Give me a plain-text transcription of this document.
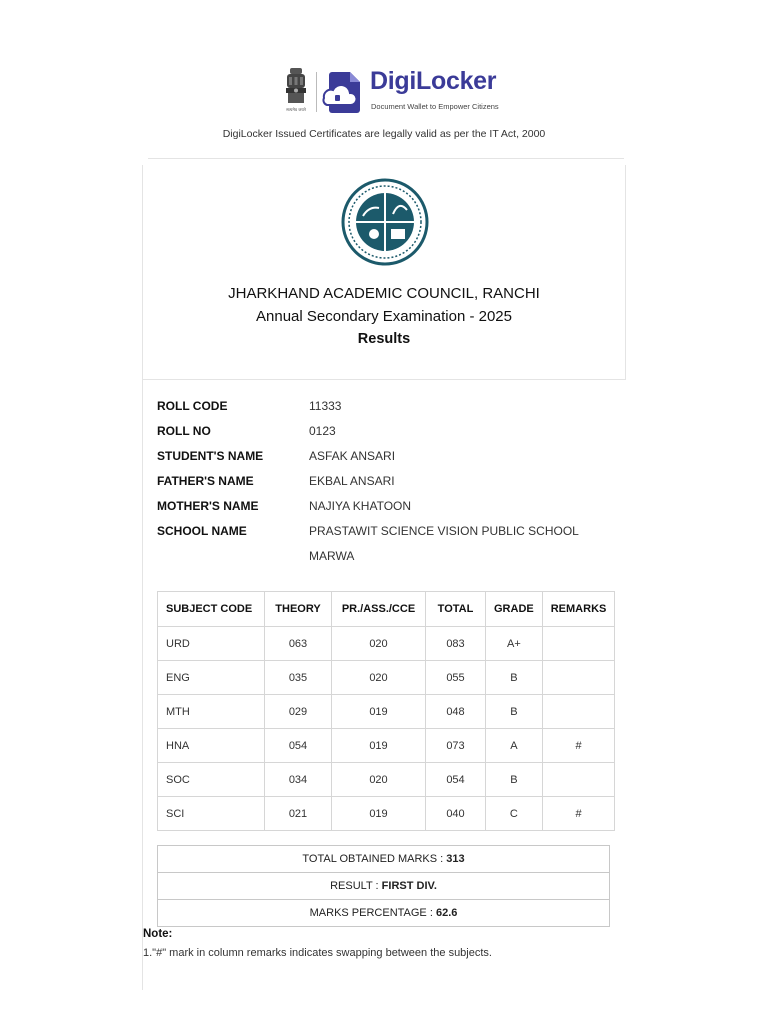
सत्यमेव जयते
DigiLocker
Document Wallet to Empower Citizens
DigiLocker Issued Certificates are legally valid as per the IT Act, 2000
JHARKHAND ACADEMIC COUNCIL, RANCHI
Annual Secondary Examination - 2025
Results
ROLL CODE	11333
ROLL NO	0123
STUDENT'S NAME	ASFAK ANSARI
FATHER'S NAME	EKBAL ANSARI
MOTHER'S NAME	NAJIYA KHATOON
SCHOOL NAME	PRASTAWIT SCIENCE VISION PUBLIC SCHOOL
MARWA
SUBJECT CODE	THEORY	PR./ASS./CCE	TOTAL	GRADE	REMARKS
URD	063	020	083	A+	
ENG	035	020	055	B	
MTH	029	019	048	B	
HNA	054	019	073	A	#
SOC	034	020	054	B	
SCI	021	019	040	C	#
TOTAL OBTAINED MARKS : 313
RESULT : FIRST DIV.
MARKS PERCENTAGE : 62.6
Note:
1."#" mark in column remarks indicates swapping between the subjects.
